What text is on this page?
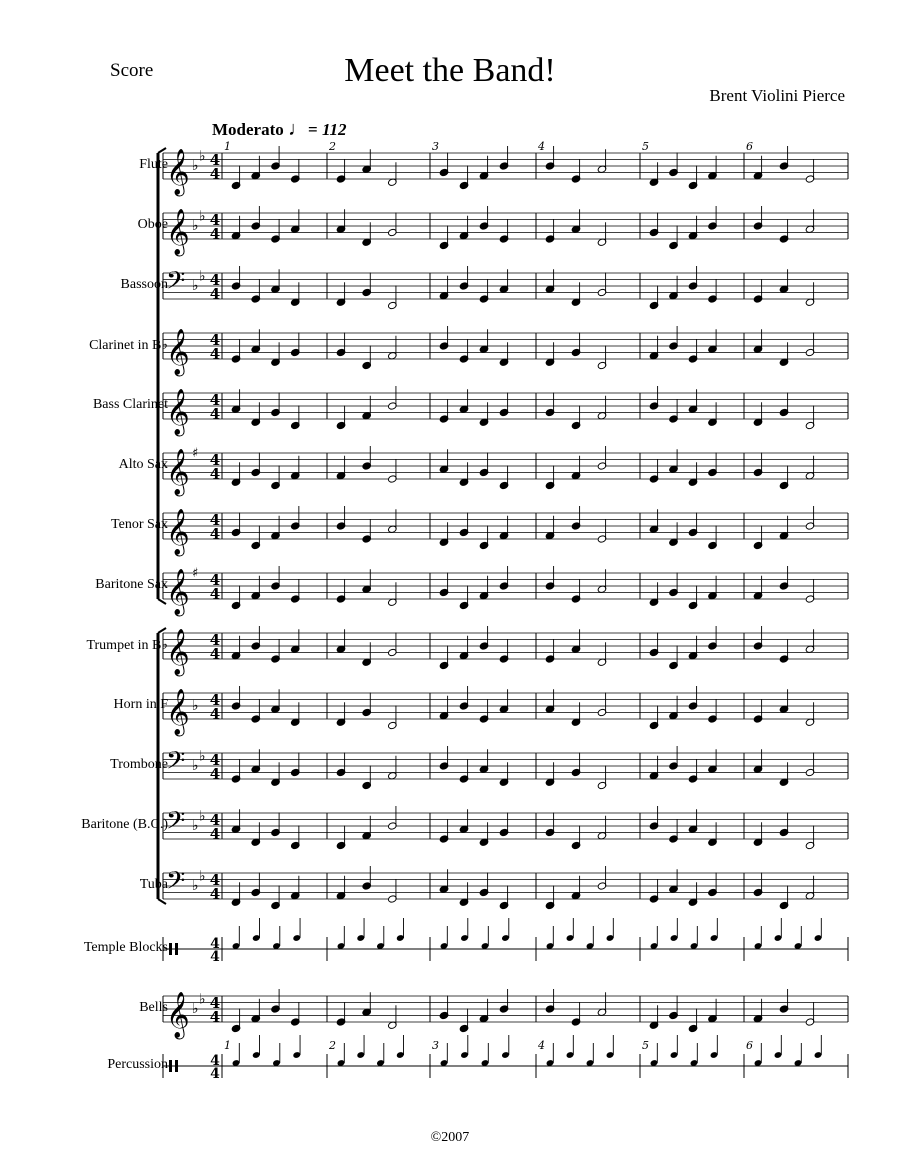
Score	Meet the Band!
Brent Violini Pierce
Moderato ♩= 112
Flute
Oboe
Bassoon
Clarinet in B♭
Bass Clarinet
Alto Sax
Tenor Sax
Baritone Sax
Trumpet in B♭
Horn in F
Trombone
Baritone (B.C.)
Tuba
Temple Blocks
Bells
Percussion
𝄞 ♭
♭ 4
4
𝄞 ♭
♭ 4
4
𝄢 ♭
♭ 4
4
𝄞 4
4
𝄞 4
4
𝄞 ♯ 4
4
𝄞 4
4
𝄞 ♯ 4
4
𝄞 4
4
𝄞 ♭ 4
4
𝄢 ♭
♭ 4
4
𝄢 ♭
♭ 4
4
𝄢 ♭
♭ 4
4
4
4
𝄞 ♭
♭ 4
4
4
4
1
1
2
2
3
3
4
4
5
5
6
6
©2007
